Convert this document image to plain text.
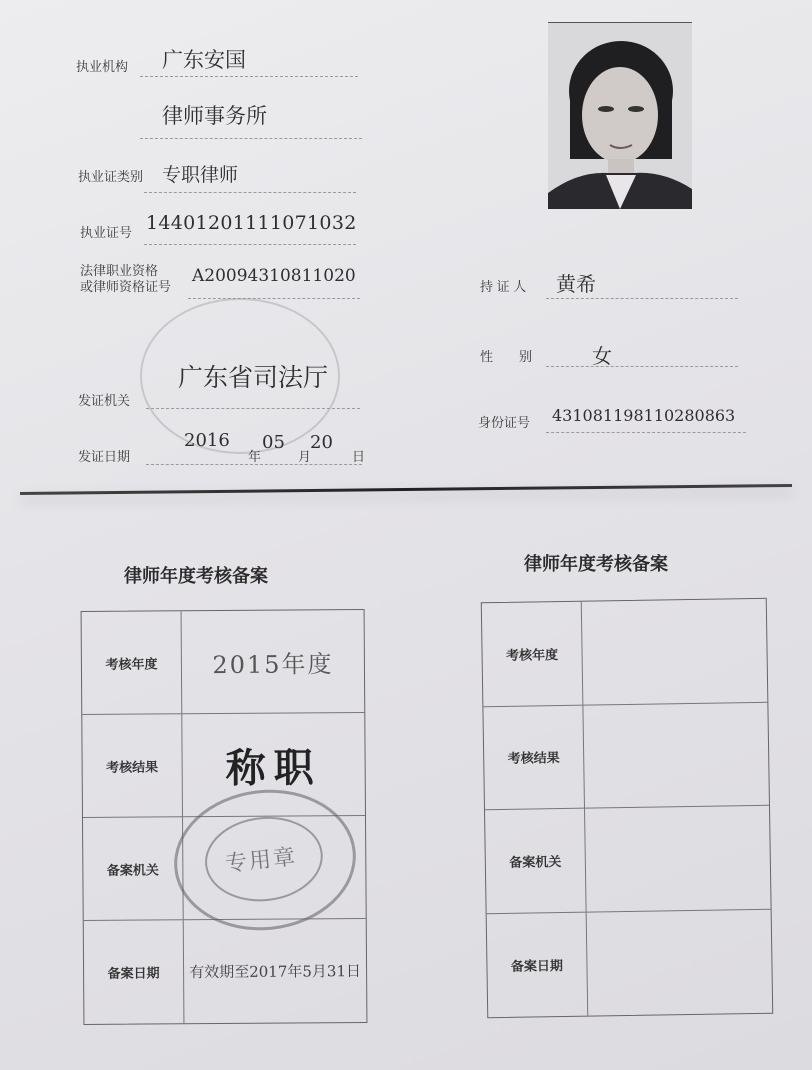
执业机构 广东安国
律师事务所
执业证类别 专职律师
执业证号 14401201111071032
法律职业资格
或律师资格证号
A20094310811020
广东省司法厅
发证机关
发证日期
2016
年
05
月
20
日
持 证 人 黄希
性　　别	女
身份证号 431081198110280863
律师年度考核备案
考核年度 2015年度
考核结果 称职
备案机关
备案日期 有效期至2017年5月31日
专用章
律师年度考核备案
考核年度
考核结果
备案机关
备案日期
